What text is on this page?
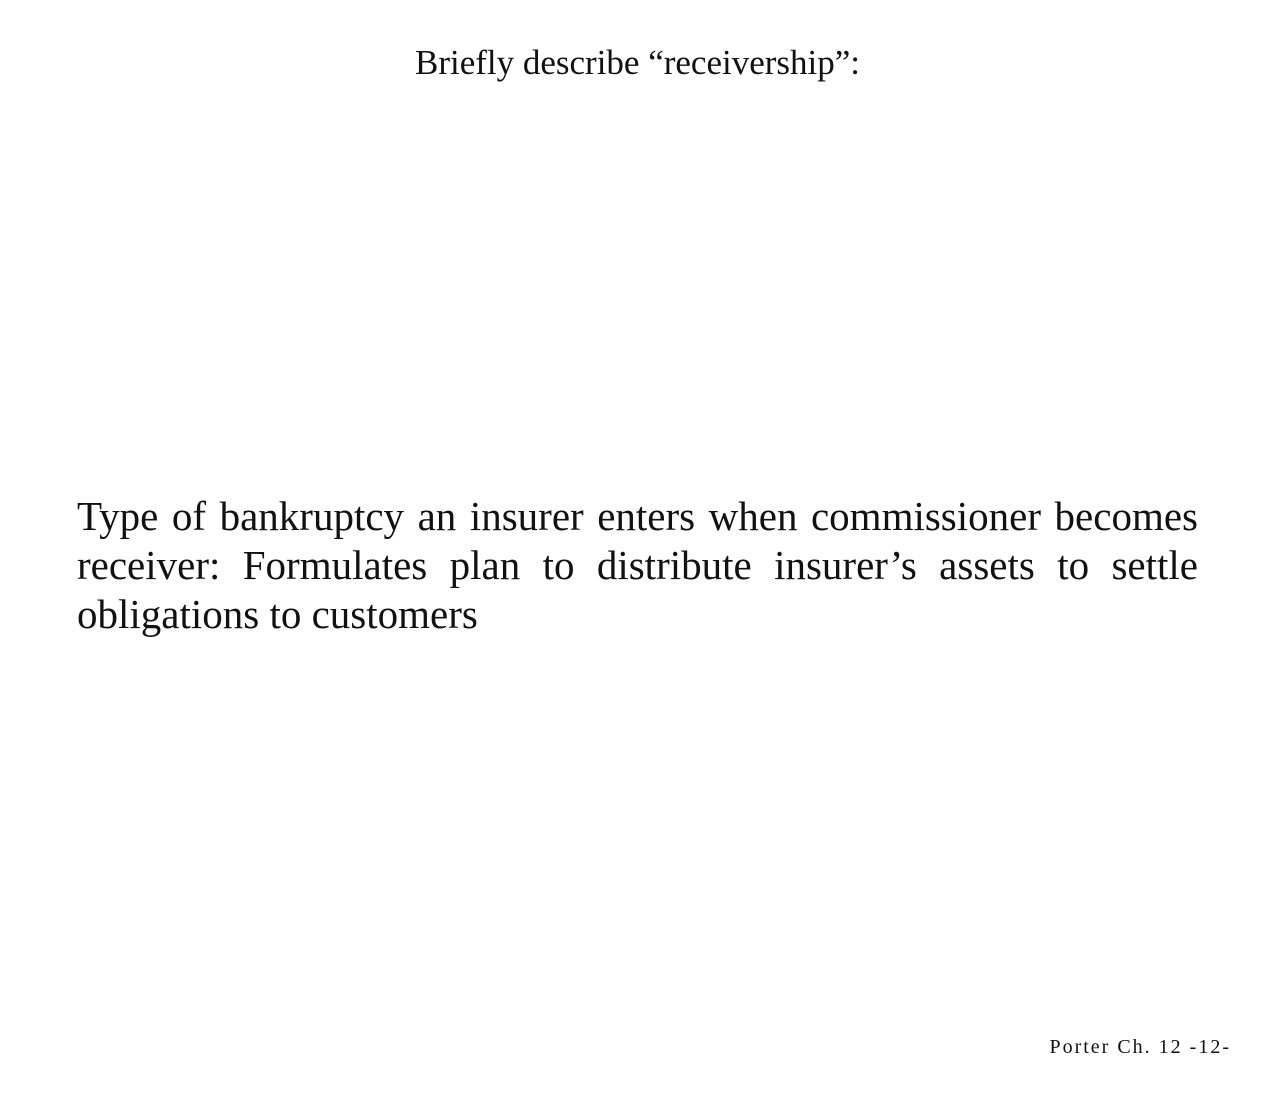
Briefly describe “receivership”:

Type of bankruptcy an insurer enters when commissioner becomes receiver: Formulates plan to distribute insurer’s assets to settle obligations to customers

Porter Ch. 12 -12-
